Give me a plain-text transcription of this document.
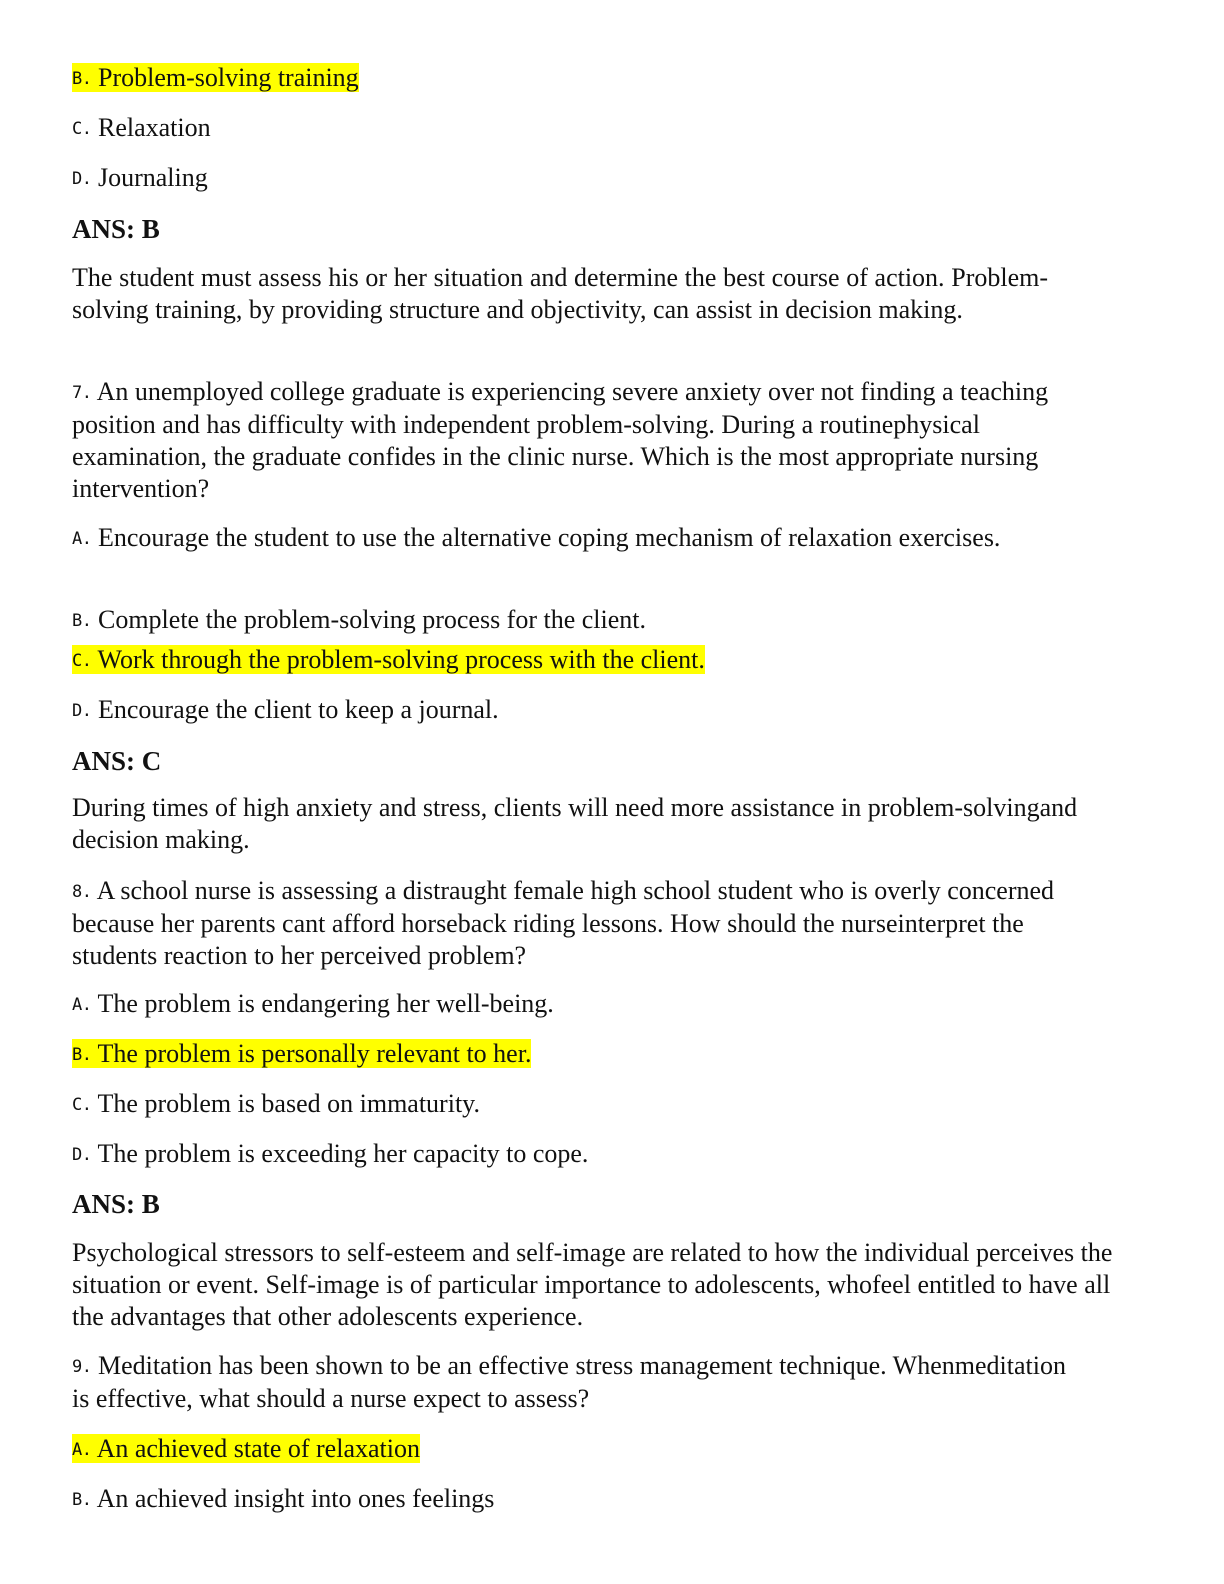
B. Problem-solving training
C. Relaxation
D. Journaling
ANS: B
The student must assess his or her situation and determine the best course of action. Problem-solving training, by providing structure and objectivity, can assist in decision making.
7. An unemployed college graduate is experiencing severe anxiety over not finding a teaching position and has difficulty with independent problem-solving. During a routinephysical examination, the graduate confides in the clinic nurse. Which is the most appropriate nursing intervention?
A. Encourage the student to use the alternative coping mechanism of relaxation exercises.
B. Complete the problem-solving process for the client.
C. Work through the problem-solving process with the client.
D. Encourage the client to keep a journal.
ANS: C
During times of high anxiety and stress, clients will need more assistance in problem-solvingand decision making.
8. A school nurse is assessing a distraught female high school student who is overly concerned because her parents cant afford horseback riding lessons. How should the nurseinterpret the students reaction to her perceived problem?
A. The problem is endangering her well-being.
B. The problem is personally relevant to her.
C. The problem is based on immaturity.
D. The problem is exceeding her capacity to cope.
ANS: B
Psychological stressors to self-esteem and self-image are related to how the individual perceives the situation or event. Self-image is of particular importance to adolescents, whofeel entitled to have all the advantages that other adolescents experience.
9. Meditation has been shown to be an effective stress management technique. Whenmeditation is effective, what should a nurse expect to assess?
A. An achieved state of relaxation
B. An achieved insight into ones feelings
